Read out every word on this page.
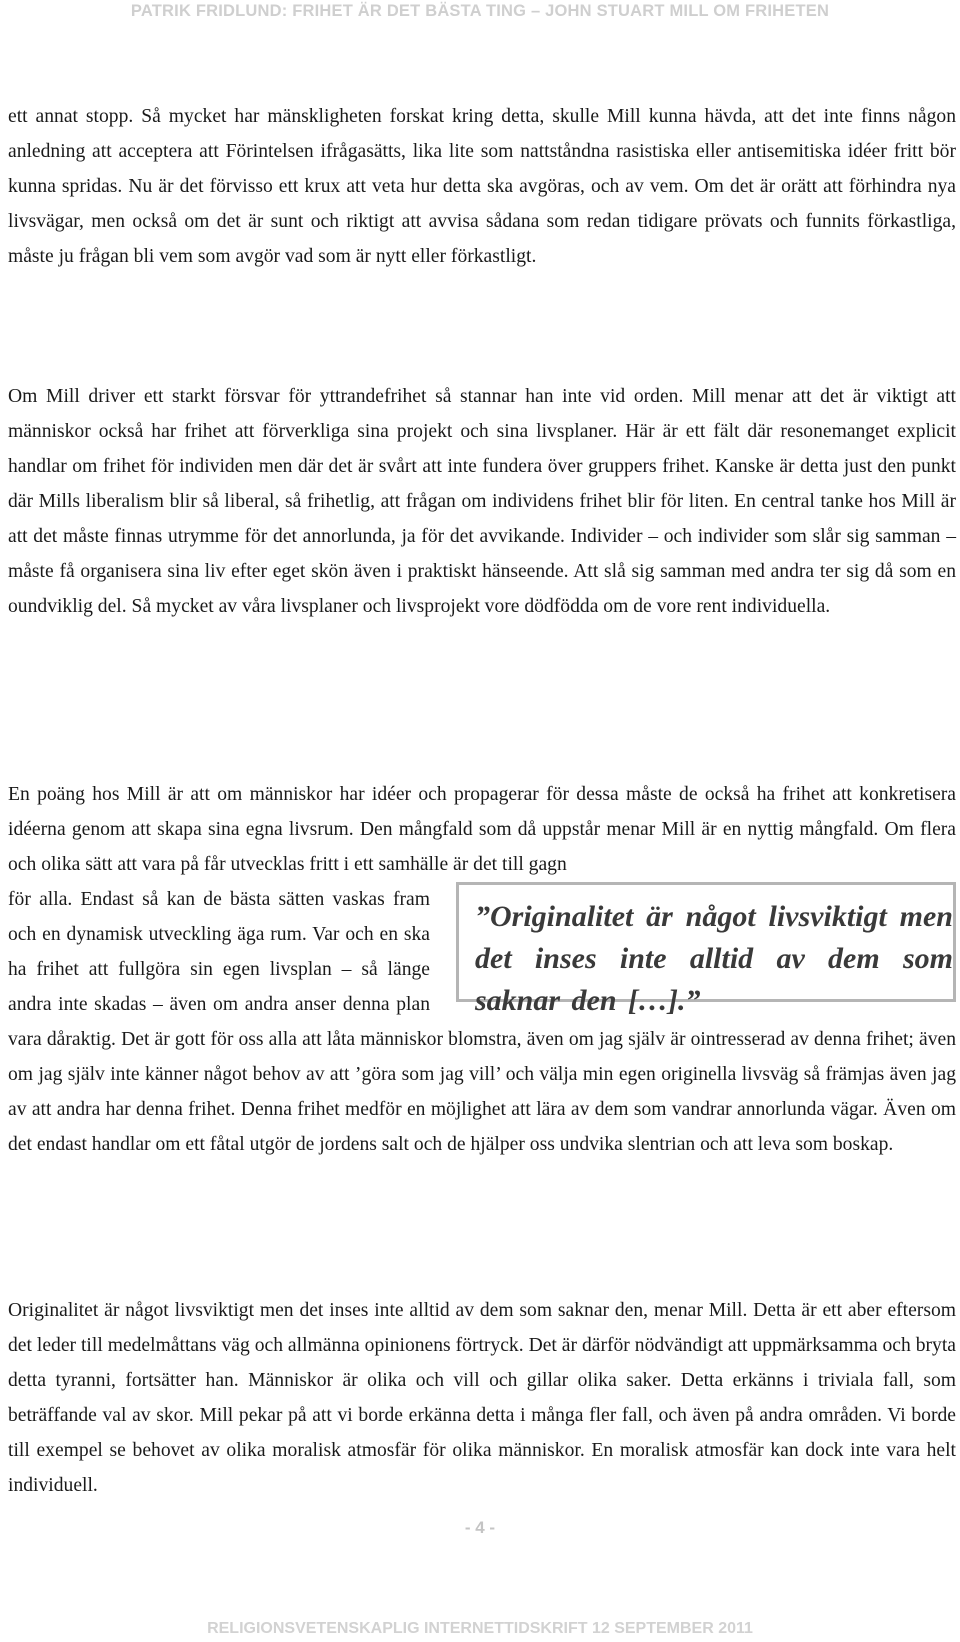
PATRIK FRIDLUND: FRIHET ÄR DET BÄSTA TING – JOHN STUART MILL OM FRIHETEN

ett annat stopp. Så mycket har mänskligheten forskat kring detta, skulle Mill kunna hävda, att det inte finns någon anledning att acceptera att Förintelsen ifrågasätts, lika lite som nattståndna rasistiska eller antisemitiska idéer fritt bör kunna spridas. Nu är det förvisso ett krux att veta hur detta ska avgöras, och av vem. Om det är orätt att förhindra nya livsvägar, men också om det är sunt och riktigt att avvisa sådana som redan tidigare prövats och funnits förkastliga, måste ju frågan bli vem som avgör vad som är nytt eller förkastligt.

Om Mill driver ett starkt försvar för yttrandefrihet så stannar han inte vid orden. Mill menar att det är viktigt att människor också har frihet att förverkliga sina projekt och sina livsplaner. Här är ett fält där resonemanget explicit handlar om frihet för individen men där det är svårt att inte fundera över gruppers frihet. Kanske är detta just den punkt där Mills liberalism blir så liberal, så frihetlig, att frågan om individens frihet blir för liten. En central tanke hos Mill är att det måste finnas utrymme för det annorlunda, ja för det avvikande. Individer – och individer som slår sig samman – måste få organisera sina liv efter eget skön även i praktiskt hänseende. Att slå sig samman med andra ter sig då som en oundviklig del. Så mycket av våra livsplaner och livsprojekt vore dödfödda om de vore rent individuella.

En poäng hos Mill är att om människor har idéer och propagerar för dessa måste de också ha frihet att konkretisera idéerna genom att skapa sina egna livsrum. Den mångfald som då uppstår menar Mill är en nyttig mångfald. Om flera och olika sätt att vara på får utvecklas fritt i ett samhälle är det till gagn

”Originalitet är något livsviktigt men det inses inte alltid av dem som saknar den […].”
för alla. Endast så kan de bästa sätten vaskas fram och en dynamisk utveckling äga rum. Var och en ska ha frihet att fullgöra sin egen livsplan – så länge andra inte skadas – även om andra anser denna plan vara dåraktig. Det är gott för oss alla att låta människor blomstra, även om jag själv är ointresserad av denna frihet; även om jag själv inte känner något behov av att ’göra som jag vill’ och välja min egen originella livsväg så främjas även jag av att andra har denna frihet. Denna frihet medför en möjlighet att lära av dem som vandrar annorlunda vägar. Även om det endast handlar om ett fåtal utgör de jordens salt och de hjälper oss undvika slentrian och att leva som boskap.

Originalitet är något livsviktigt men det inses inte alltid av dem som saknar den, menar Mill. Detta är ett aber eftersom det leder till medelmåttans väg och allmänna opinionens förtryck. Det är därför nödvändigt att uppmärksamma och bryta detta tyranni, fortsätter han. Människor är olika och vill och gillar olika saker. Detta erkänns i triviala fall, som beträffande val av skor. Mill pekar på att vi borde erkänna detta i många fler fall, och även på andra områden. Vi borde till exempel se behovet av olika moralisk atmosfär för olika människor. En moralisk atmosfär kan dock inte vara helt individuell.

- 4 -
RELIGIONSVETENSKAPLIG INTERNETTIDSKRIFT 12 SEPTEMBER 2011
